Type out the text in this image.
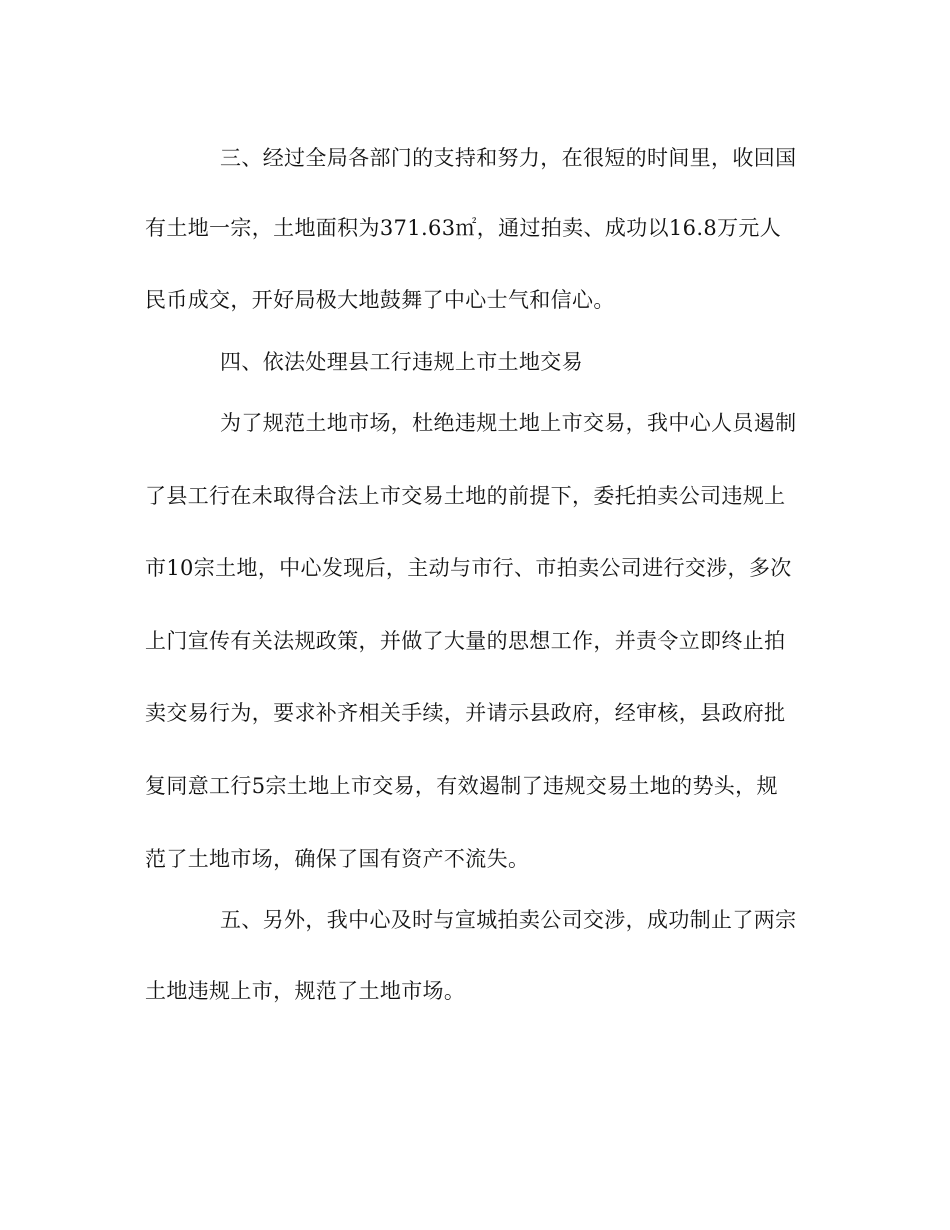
三、经过全局各部门的支持和努力，在很短的时间里，收回国
有土地一宗，土地面积为371.63㎡，通过拍卖、成功以16.8万元人
民币成交，开好局极大地鼓舞了中心士气和信心。
四、依法处理县工行违规上市土地交易
为了规范土地市场，杜绝违规土地上市交易，我中心人员遏制
了县工行在未取得合法上市交易土地的前提下，委托拍卖公司违规上
市10宗土地，中心发现后，主动与市行、市拍卖公司进行交涉，多次
上门宣传有关法规政策，并做了大量的思想工作，并责令立即终止拍
卖交易行为，要求补齐相关手续，并请示县政府，经审核，县政府批
复同意工行5宗土地上市交易，有效遏制了违规交易土地的势头，规
范了土地市场，确保了国有资产不流失。
五、另外，我中心及时与宣城拍卖公司交涉，成功制止了两宗
土地违规上市，规范了土地市场。
